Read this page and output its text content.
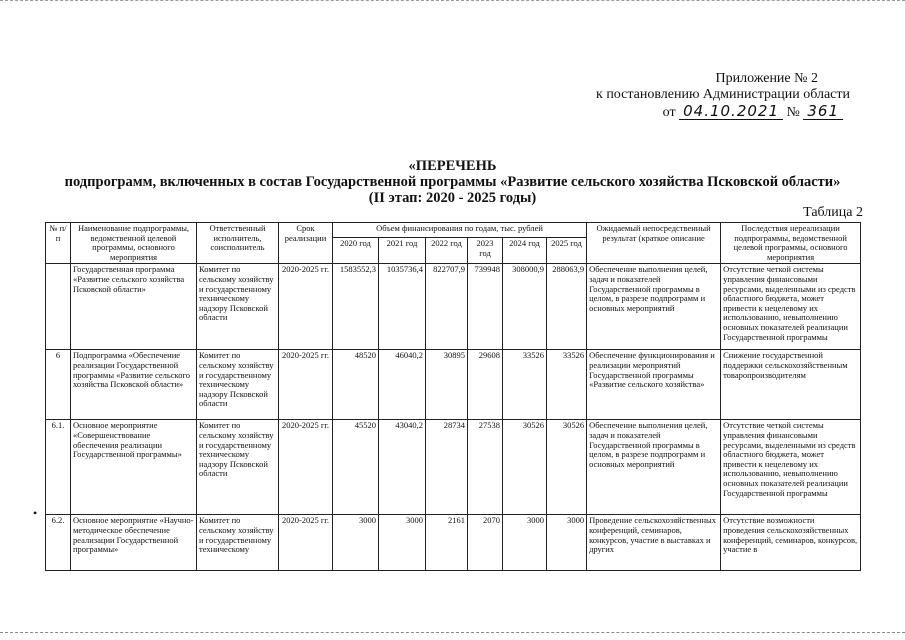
Приложение № 2
к постановлению Администрации области
от 04.10.2021 № 361
«ПЕРЕЧЕНЬ
подпрограмм, включенных в состав Государственной программы «Развитие сельского хозяйства Псковской области»
(II этап: 2020 - 2025 годы)
Таблица 2
№ п/п	Наименование подпрограммы, ведомственной целевой программы, основного мероприятия	Ответственный исполнитель, соисполнитель	Срок реализации	Объем финансирования по годам, тыс. рублей						Ожидаемый непосредственный результат (краткое описание	Последствия нереализации подпрограммы, ведомственной целевой программы, основного мероприятия
				2020 год	2021 год	2022 год	2023 год	2024 год	2025 год		
	Государственная программа «Развитие сельского хозяйства Псковской области»	Комитет по сельскому хозяйству и государственному техническому надзору Псковской области	2020-2025 гг.	1583552,3	1035736,4	822707,9	739948	308000,9	288063,9	Обеспечение выполнения целей, задач и показателей Государственной программы в целом, в разрезе подпрограмм и основных мероприятий	Отсутствие четкой системы управления финансовыми ресурсами, выделенными из средств областного бюджета, может привести к нецелевому их использованию, невыполнению основных показателей реализации Государственной программы
6	Подпрограмма «Обеспечение реализации Государственной программы «Развитие сельского хозяйства Псковской области»	Комитет по сельскому хозяйству и государственному техническому надзору Псковской области	2020-2025 гг.	48520	46040,2	30895	29608	33526	33526	Обеспечение функционирования и реализации мероприятий Государственной программы «Развитие сельского хозяйства»	Снижение государственной поддержки сельскохозяйственным товаропроизводителям
6.1.	Основное мероприятие «Совершенствование обеспечения реализации Государственной программы»	Комитет по сельскому хозяйству и государственному техническому надзору Псковской области	2020-2025 гг.	45520	43040,2	28734	27538	30526	30526	Обеспечение выполнения целей, задач и показателей Государственной программы в целом, в разрезе подпрограмм и основных мероприятий	Отсутствие четкой системы управления финансовыми ресурсами, выделенными из средств областного бюджета, может привести к нецелевому их использованию, невыполнению основных показателей реализации Государственной программы
6.2.	Основное мероприятие «Научно-методическое обеспечение реализации Государственной программы»	Комитет по сельскому хозяйству и государственному техническому	2020-2025 гг.	3000	3000	2161	2070	3000	3000	Проведение сельскохозяйственных конференций, семинаров, конкурсов, участие в выставках и других	Отсутствие возможности проведения сельскохозяйственных конференций, семинаров, конкурсов, участие в
•
